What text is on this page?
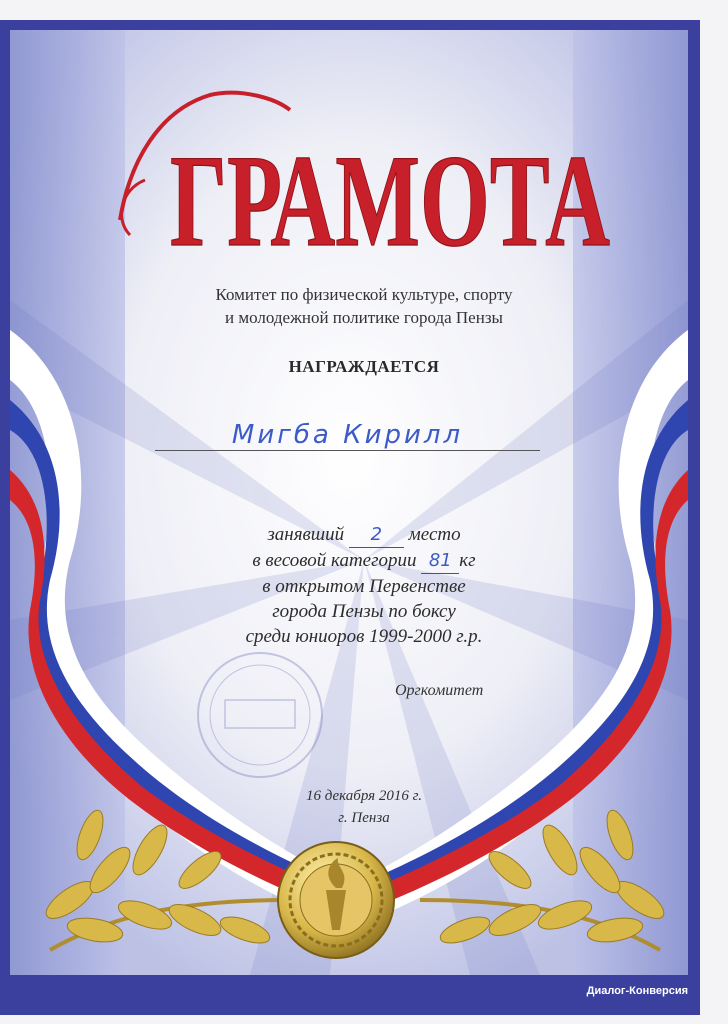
ГРАМОТА
Комитет по физической культуре, спорту
и молодежной политике города Пензы
НАГРАЖДАЕТСЯ
Мигба Кирилл
занявший 2 место
в весовой категории 81 кг
в открытом Первенстве
города Пензы по боксу
среди юниоров 1999-2000 г.р.
Оргкомитет
16 декабря 2016 г.
г. Пенза
Диалог-Конверсия
